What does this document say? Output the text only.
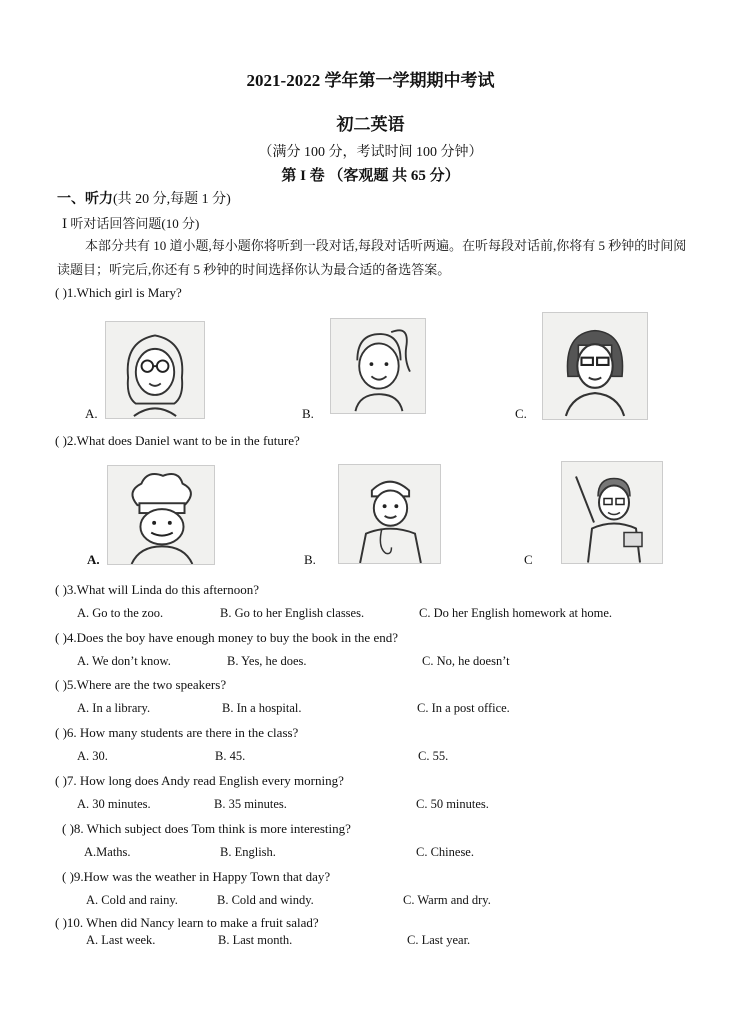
2021-2022 学年第一学期期中考试
初二英语
（满分 100 分，考试时间 100 分钟）
第 I 卷 （客观题 共 65 分）
一、听力(共 20 分,每题 1 分)
Ⅰ 听对话回答问题(10 分)
本部分共有 10 道小题,每小题你将听到一段对话,每段对话听两遍。在听每段对话前,你将有 5 秒钟的时间阅读题目；听完后,你还有 5 秒钟的时间选择你认为最合适的备选答案。
( )1.Which girl is Mary?
A.	B.	C.
( )2.What does Daniel want to be in the future?
A.	B.	C
( )3.What will Linda do this afternoon?
A. Go to the zoo.	B. Go to her English classes.	C. Do her English homework at home.
( )4.Does the boy have enough money to buy the book in the end?
A. We don’t know.	B. Yes, he does.	C. No, he doesn’t
( )5.Where are the two speakers?
A. In a library.	B. In a hospital.	C. In a post office.
( )6. How many students are there in the class?
A. 30.	B. 45.	C. 55.
( )7. How long does Andy read English every morning?
A. 30 minutes.	B. 35 minutes.	C. 50 minutes.
( )8. Which subject does Tom think is more interesting?
A.Maths.	B. English.	C. Chinese.
( )9.How was the weather in Happy Town that day?
A. Cold and rainy.	B. Cold and windy.	C. Warm and dry.
( )10. When did Nancy learn to make a fruit salad?
A. Last week.	B. Last month.	C. Last year.
